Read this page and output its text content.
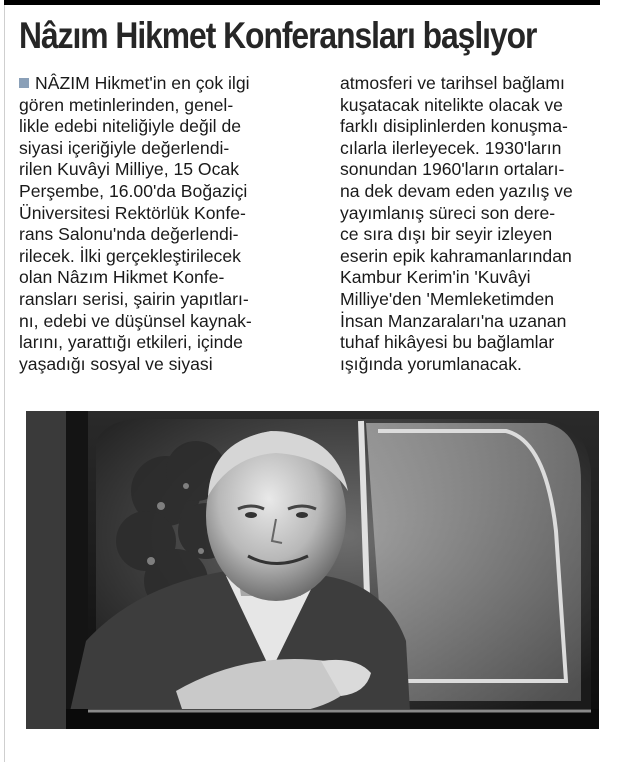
Nâzım Hikmet Konferansları başlıyor
NÂZIM Hikmet'in en çok ilgi
gören metinlerinden, genel-
likle edebi niteliğiyle değil de
siyasi içeriğiyle değerlendi-
rilen Kuvâyi Milliye, 15 Ocak
Perşembe, 16.00'da Boğaziçi
Üniversitesi Rektörlük Konfe-
rans Salonu'nda değerlendi-
rilecek. İlki gerçekleştirilecek
olan Nâzım Hikmet Konfe-
ransları serisi, şairin yapıtları-
nı, edebi ve düşünsel kaynak-
larını, yarattığı etkileri, içinde
yaşadığı sosyal ve siyasi
atmosferi ve tarihsel bağlamı
kuşatacak nitelikte olacak ve
farklı disiplinlerden konuşma-
cılarla ilerleyecek. 1930'ların
sonundan 1960'ların ortaları-
na dek devam eden yazılış ve
yayımlanış süreci son dere-
ce sıra dışı bir seyir izleyen
eserin epik kahramanlarından
Kambur Kerim'in 'Kuvâyi
Milliye'den 'Memleketimden
İnsan Manzaraları'na uzanan
tuhaf hikâyesi bu bağlamlar
ışığında yorumlanacak.
